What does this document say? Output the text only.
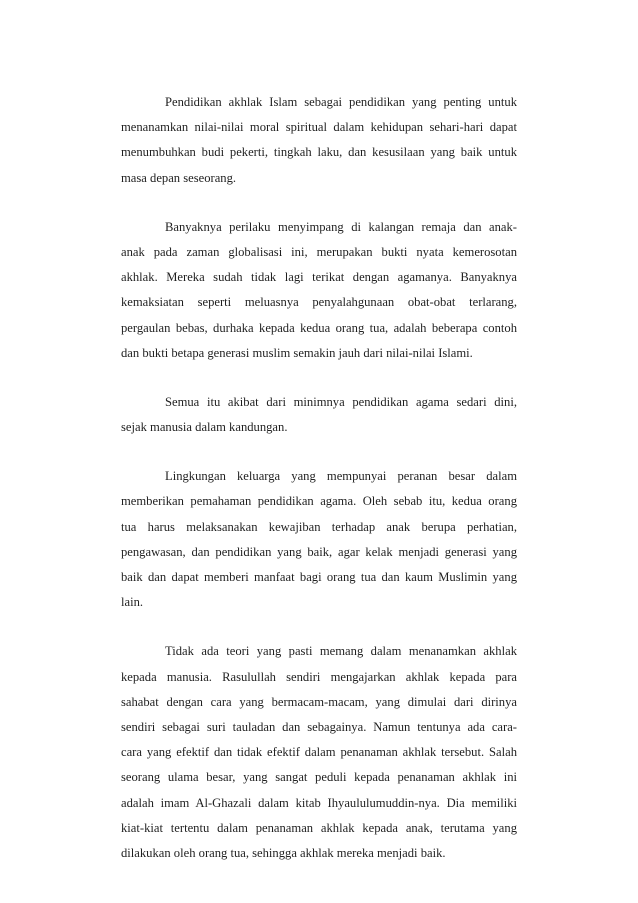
Pendidikan akhlak Islam sebagai pendidikan yang penting untuk
menanamkan nilai-nilai moral spiritual dalam kehidupan sehari-hari dapat
menumbuhkan budi pekerti, tingkah laku, dan kesusilaan yang baik untuk
masa depan seseorang.
Banyaknya perilaku menyimpang di kalangan remaja dan anak-
anak pada zaman globalisasi ini, merupakan bukti nyata kemerosotan
akhlak. Mereka sudah tidak lagi terikat dengan agamanya. Banyaknya
kemaksiatan seperti meluasnya penyalahgunaan obat-obat terlarang,
pergaulan bebas, durhaka kepada kedua orang tua, adalah beberapa contoh
dan bukti betapa generasi muslim semakin jauh dari nilai-nilai Islami.
Semua itu akibat dari minimnya pendidikan agama sedari dini,
sejak manusia dalam kandungan.
Lingkungan keluarga yang mempunyai peranan besar dalam
memberikan pemahaman pendidikan agama. Oleh sebab itu, kedua orang
tua harus melaksanakan kewajiban terhadap anak berupa perhatian,
pengawasan, dan pendidikan yang baik, agar kelak menjadi generasi yang
baik dan dapat memberi manfaat bagi orang tua dan kaum Muslimin yang
lain.
Tidak ada teori yang pasti memang dalam menanamkan akhlak
kepada manusia. Rasulullah sendiri mengajarkan akhlak kepada para
sahabat dengan cara yang bermacam-macam, yang dimulai dari dirinya
sendiri sebagai suri tauladan dan sebagainya. Namun tentunya ada cara-
cara yang efektif dan tidak efektif dalam penanaman akhlak tersebut. Salah
seorang ulama besar, yang sangat peduli kepada penanaman akhlak ini
adalah imam Al-Ghazali dalam kitab Ihyaululumuddin-nya. Dia memiliki
kiat-kiat tertentu dalam penanaman akhlak kepada anak, terutama yang
dilakukan oleh orang tua, sehingga akhlak mereka menjadi baik.
